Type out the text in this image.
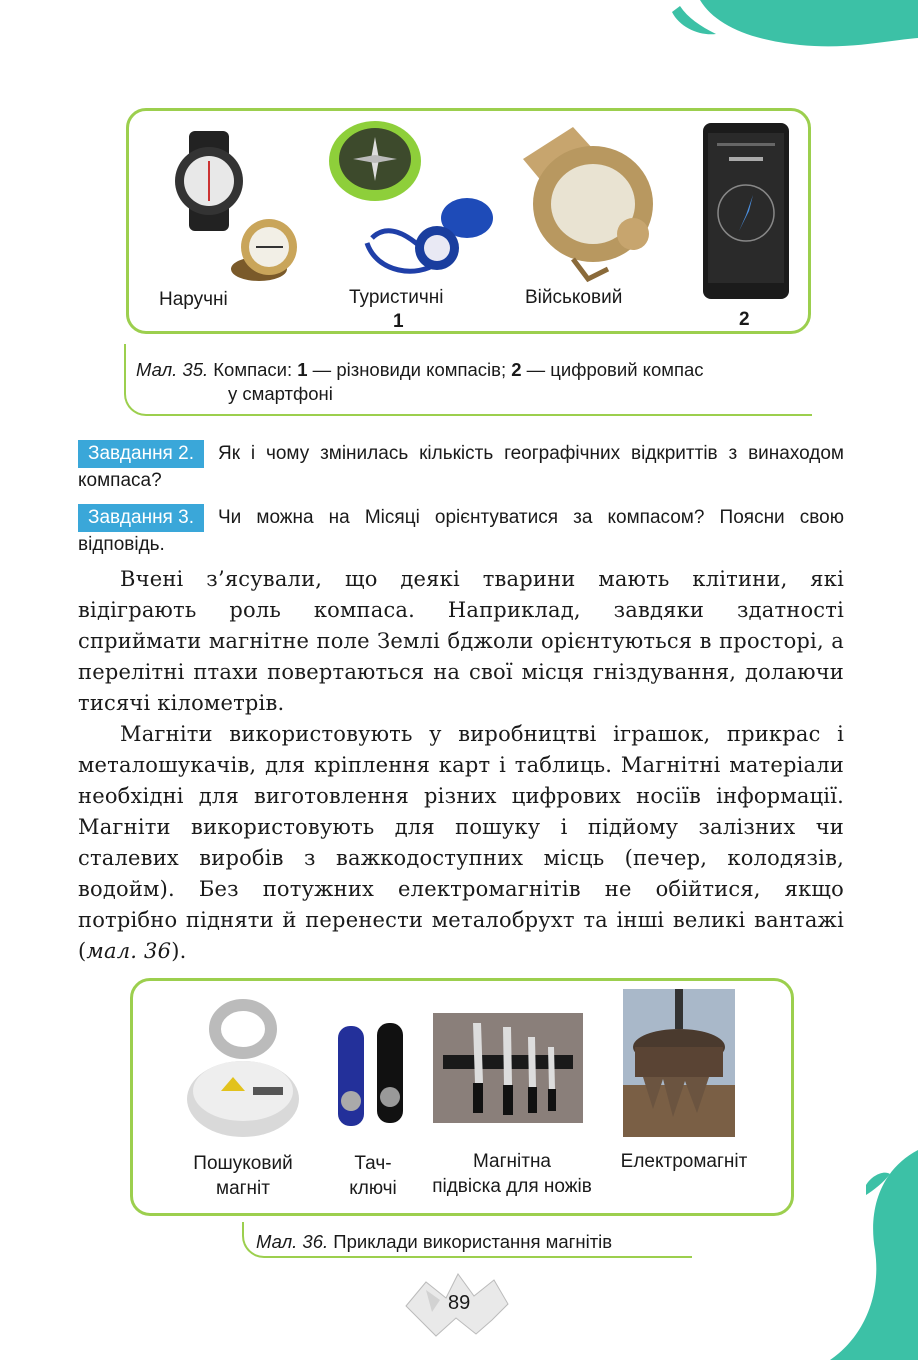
Наручні	Туристичні	Військовий
1	2
Мал. 35. Компаси: 1 — різновиди компасів; 2 — цифровий компас
у смартфоні
Завдання 2. Як і чому змінилась кількість географічних відкриттів з винаходом компаса?
Завдання 3. Чи можна на Місяці орієнтуватися за компасом? Поясни свою відповідь.

Вчені з’ясували, що деякі тварини мають клітини, які відіграють роль компаса. Наприклад, завдяки здатності сприймати магнітне поле Землі бджоли орієнтуються в просторі, а перелітні птахи повертаються на свої місця гніздування, долаючи тисячі кілометрів.

Магніти використовують у виробництві іграшок, прикрас і металошукачів, для кріплення карт і таблиць. Магнітні матеріали необхідні для виготовлення різних цифрових носіїв інформації. Магніти використовують для пошуку і підйому залізних чи сталевих виробів з важкодоступних місць (печер, колодязів, водойм). Без потужних електромагнітів не обійтися, якщо потрібно підняти й перенести металобрухт та інші великі вантажі (мал. 36).

Пошуковий
магніт
Тач-
ключі
Магнітна
підвіска для ножів
Електромагніт
Мал. 36. Приклади використання магнітів
89
